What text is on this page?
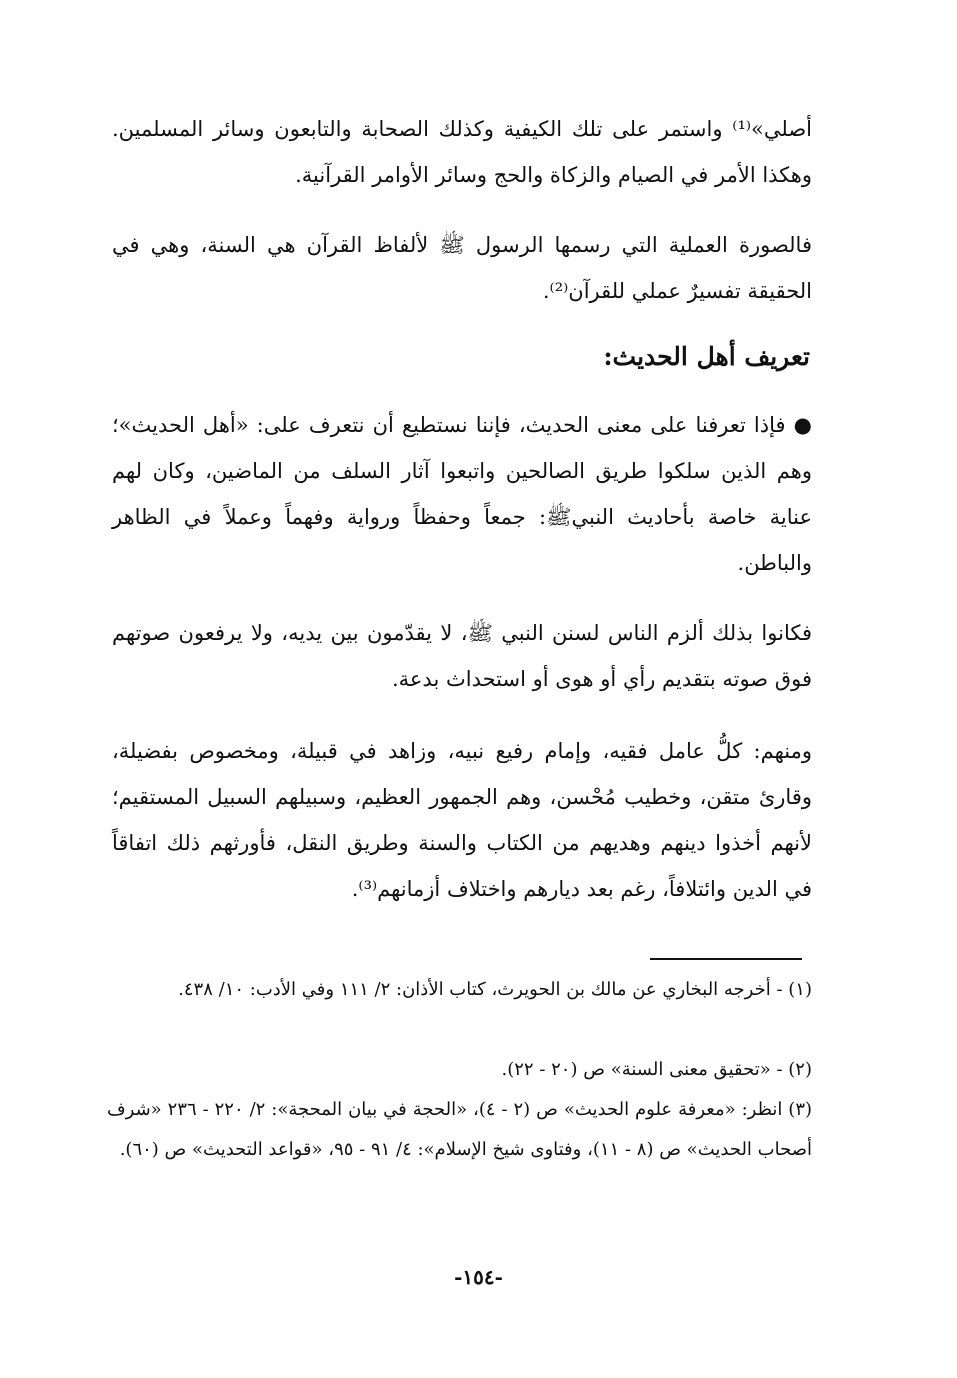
أصلي»⁽¹⁾ واستمر على تلك الكيفية وكذلك الصحابة والتابعون وسائر المسلمين. وهكذا الأمر في الصيام والزكاة والحج وسائر الأوامر القرآنية.

فالصورة العملية التي رسمها الرسول ﷺ لألفاظ القرآن هي السنة، وهي في الحقيقة تفسيرٌ عملي للقرآن⁽²⁾.

تعريف أهل الحديث:

● فإذا تعرفنا على معنى الحديث، فإننا نستطيع أن نتعرف على: «أهل الحديث»؛ وهم الذين سلكوا طريق الصالحين واتبعوا آثار السلف من الماضين، وكان لهم عناية خاصة بأحاديث النبيﷺ: جمعاً وحفظاً ورواية وفهماً وعملاً في الظاهر والباطن.

فكانوا بذلك ألزم الناس لسنن النبي ﷺ، لا يقدّمون بين يديه، ولا يرفعون صوتهم فوق صوته بتقديم رأي أو هوى أو استحداث بدعة.

ومنهم: كلُّ عامل فقيه، وإمام رفيع نبيه، وزاهد في قبيلة، ومخصوص بفضيلة، وقارئ متقن، وخطيب مُحْسن، وهم الجمهور العظيم، وسبيلهم السبيل المستقيم؛ لأنهم أخذوا دينهم وهديهم من الكتاب والسنة وطريق النقل، فأورثهم ذلك اتفاقاً في الدين وائتلافاً، رغم بعد ديارهم واختلاف أزمانهم⁽³⁾.

(١) - أخرجه البخاري عن مالك بن الحويرث، كتاب الأذان: ٢/ ١١١ وفي الأدب: ١٠/ ٤٣٨.

(٢) - «تحقيق معنى السنة» ص (٢٠ - ٢٢).

(٣) انظر: «معرفة علوم الحديث» ص (٢ - ٤)، «الحجة في بيان المحجة»: ٢/ ٢٢٠ - ٢٣٦ «شرف أصحاب الحديث» ص (٨ - ١١)، وفتاوى شيخ الإسلام»: ٤/ ٩١ - ٩٥، «قواعد التحديث» ص (٦٠).

-١٥٤-
